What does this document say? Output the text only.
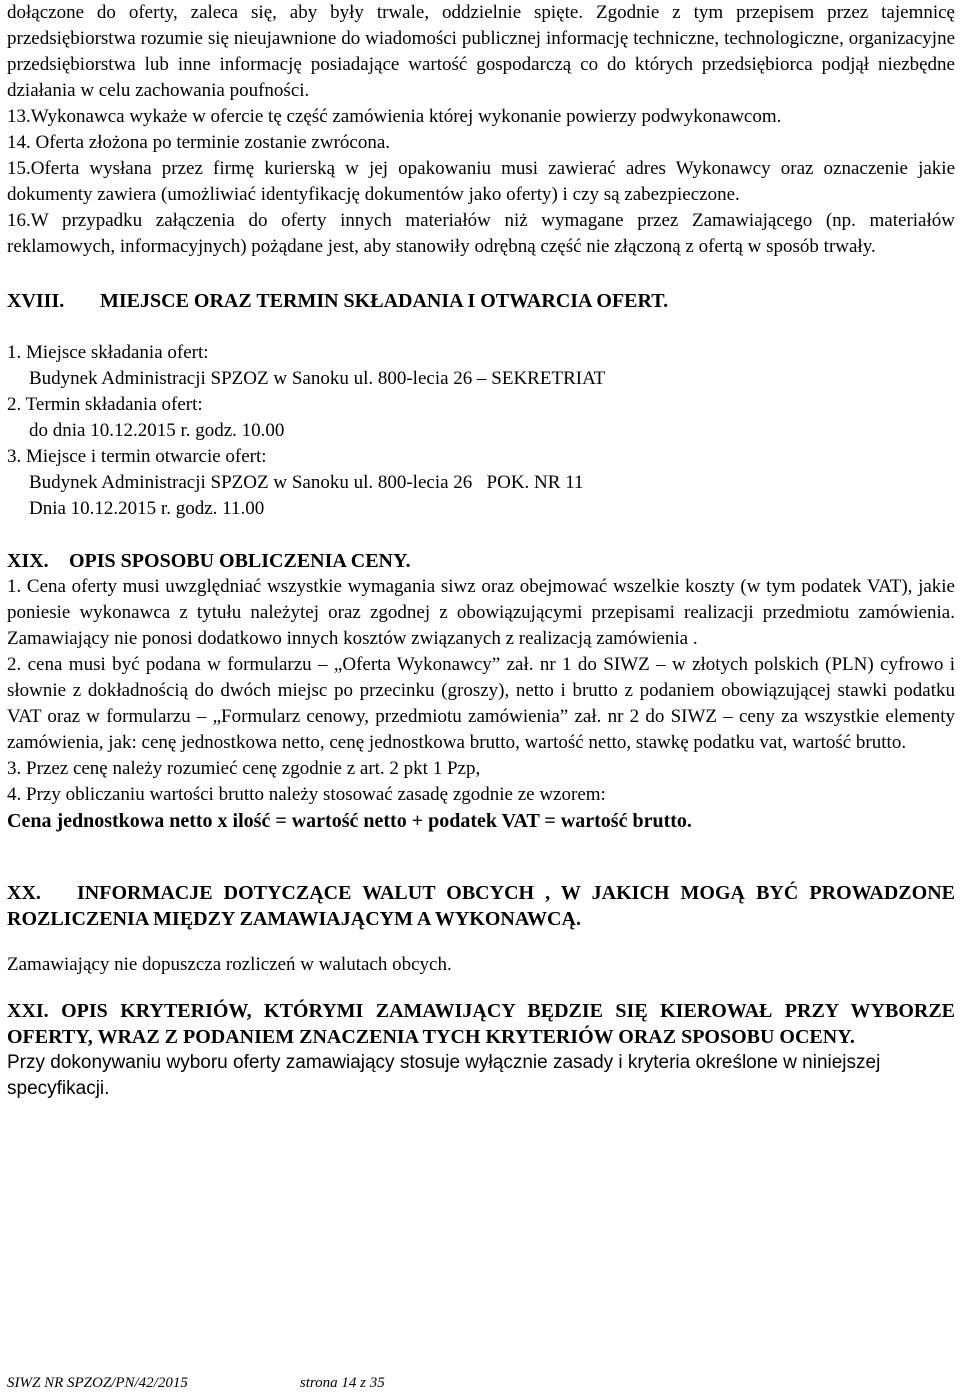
dołączone do oferty, zaleca się, aby były trwale, oddzielnie spięte. Zgodnie z tym przepisem przez tajemnicę przedsiębiorstwa rozumie się nieujawnione do wiadomości publicznej informację techniczne, technologiczne, organizacyjne przedsiębiorstwa lub inne informację posiadające wartość gospodarczą co do których przedsiębiorca podjął niezbędne działania w celu zachowania poufności.

13.Wykonawca wykaże w ofercie tę część zamówienia której wykonanie powierzy podwykonawcom.

14. Oferta złożona po terminie zostanie zwrócona.

15.Oferta wysłana przez firmę kurierską w jej opakowaniu musi zawierać adres Wykonawcy oraz oznaczenie jakie dokumenty zawiera (umożliwiać identyfikację dokumentów jako oferty) i czy są zabezpieczone.

16.W przypadku załączenia do oferty innych materiałów niż wymagane przez Zamawiającego (np. materiałów reklamowych, informacyjnych) pożądane jest, aby stanowiły odrębną część nie złączoną z ofertą w sposób trwały.

XVIII. MIEJSCE ORAZ TERMIN SKŁADANIA I OTWARCIA OFERT.

1. Miejsce składania ofert:

Budynek Administracji SPZOZ w Sanoku ul. 800-lecia 26 – SEKRETRIAT

2. Termin składania ofert:

do dnia 10.12.2015 r. godz. 10.00

3. Miejsce i termin otwarcie ofert:

Budynek Administracji SPZOZ w Sanoku ul. 800-lecia 26   POK. NR 11

Dnia 10.12.2015 r. godz. 11.00

XIX. OPIS SPOSOBU OBLICZENIA CENY.

1. Cena oferty musi uwzględniać wszystkie wymagania siwz oraz obejmować wszelkie koszty (w tym podatek VAT), jakie poniesie wykonawca z tytułu należytej oraz zgodnej z obowiązującymi przepisami realizacji przedmiotu zamówienia. Zamawiający nie ponosi dodatkowo innych kosztów związanych z realizacją zamówienia .

2. cena musi być podana w formularzu – „Oferta Wykonawcy” zał. nr 1 do SIWZ – w złotych polskich (PLN) cyfrowo i słownie z dokładnością do dwóch miejsc po przecinku (groszy), netto i brutto z podaniem obowiązującej stawki podatku VAT oraz w formularzu – „Formularz cenowy, przedmiotu zamówienia” zał. nr 2 do SIWZ – ceny za wszystkie elementy zamówienia, jak: cenę jednostkowa netto, cenę jednostkowa brutto, wartość netto, stawkę podatku vat, wartość brutto.

3. Przez cenę należy rozumieć cenę zgodnie z art. 2 pkt 1 Pzp,

4. Przy obliczaniu wartości brutto należy stosować zasadę zgodnie ze wzorem:

Cena jednostkowa netto x ilość = wartość netto + podatek VAT = wartość brutto.

XX. INFORMACJE DOTYCZĄCE WALUT OBCYCH , W JAKICH MOGĄ BYĆ PROWADZONE ROZLICZENIA MIĘDZY ZAMAWIAJĄCYM A WYKONAWCĄ.

Zamawiający nie dopuszcza rozliczeń w walutach obcych.

XXI. OPIS KRYTERIÓW, KTÓRYMI ZAMAWIJĄCY BĘDZIE SIĘ KIEROWAŁ PRZY WYBORZE OFERTY, WRAZ Z PODANIEM ZNACZENIA TYCH KRYTERIÓW ORAZ SPOSOBU OCENY.

Przy dokonywaniu wyboru oferty zamawiający stosuje wyłącznie zasady i kryteria określone w niniejszej specyfikacji.

SIWZ NR SPZOZ/PN/42/2015	strona 14 z 35
